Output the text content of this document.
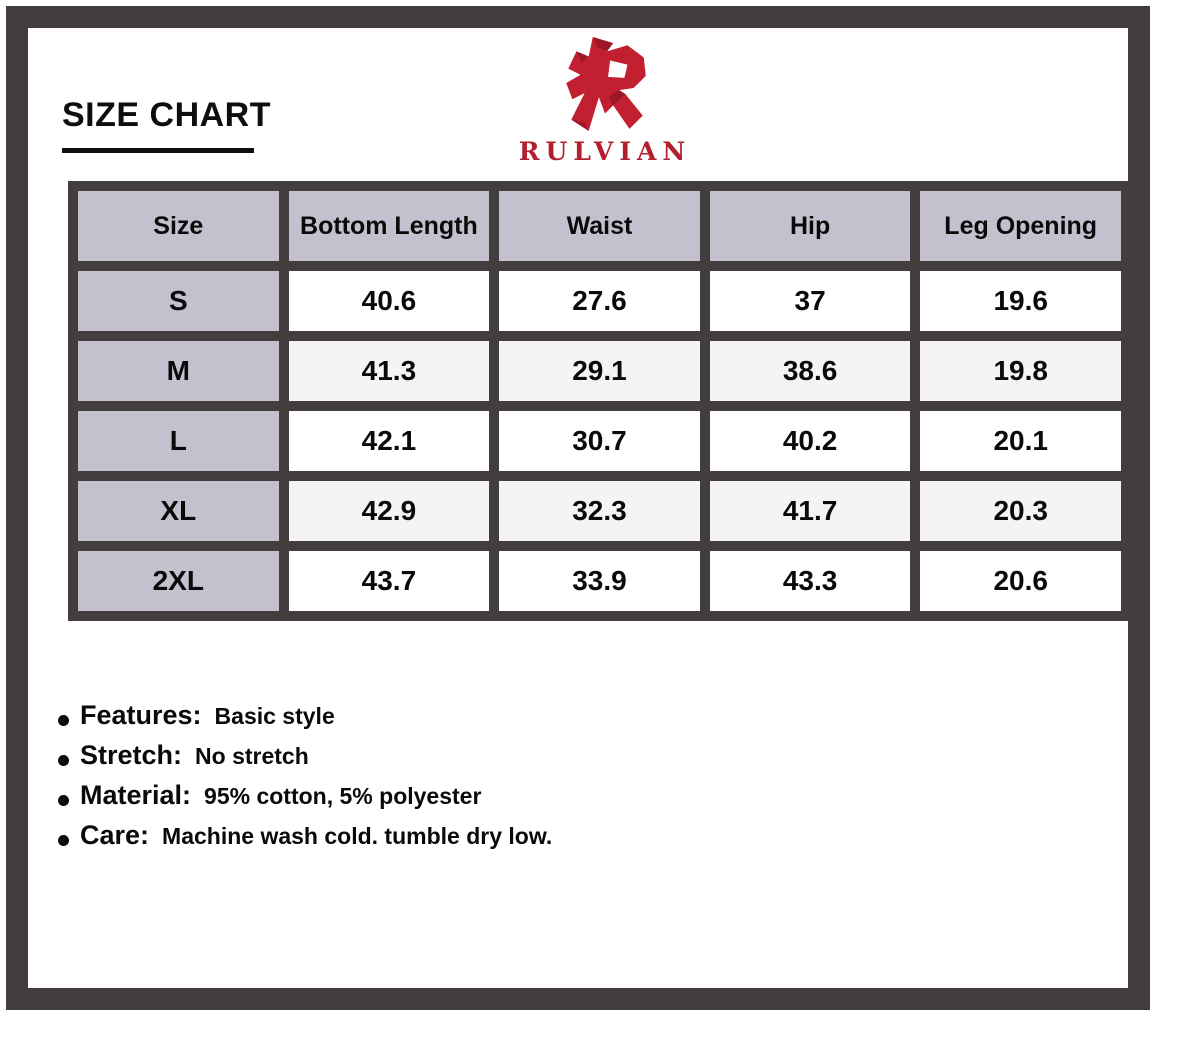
SIZE CHART
RULVIAN
Size	Bottom Length	Waist	Hip	Leg Opening
S	40.6	27.6	37	19.6
M	41.3	29.1	38.6	19.8
L	42.1	30.7	40.2	20.1
XL	42.9	32.3	41.7	20.3
2XL	43.7	33.9	43.3	20.6
Features: Basic style
Stretch: No stretch
Material: 95% cotton, 5% polyester
Care: Machine wash cold. tumble dry low.
